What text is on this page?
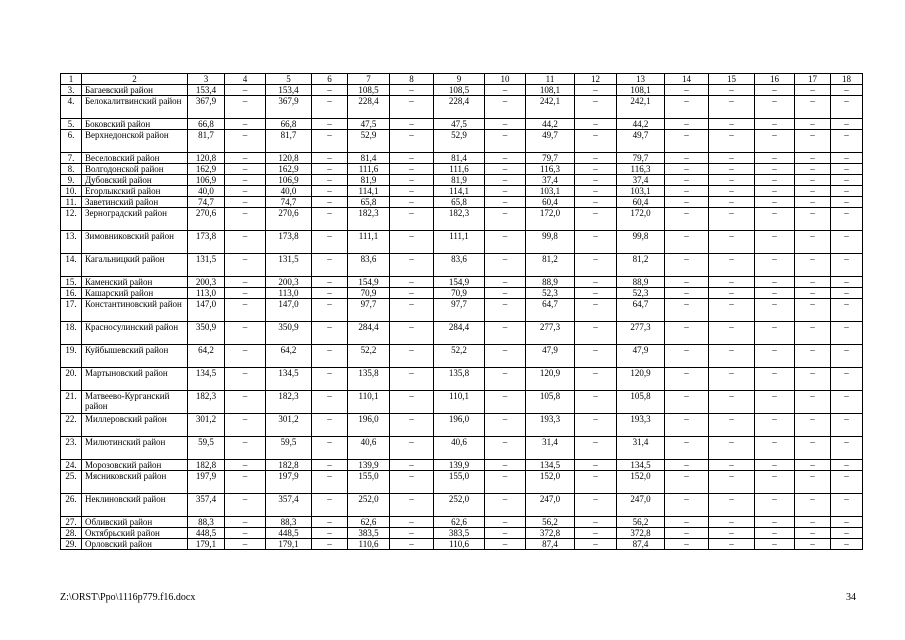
1	2	3	4	5	6	7	8	9	10	11	12	13	14	15	16	17	18
3.	Багаевский район	153,4	–	153,4	–	108,5	–	108,5	–	108,1	–	108,1	–	–	–	–	–
4.	Белокалитвинский район	367,9	–	367,9	–	228,4	–	228,4	–	242,1	–	242,1	–	–	–	–	–
5.	Боковский район	66,8	–	66,8	–	47,5	–	47,5	–	44,2	–	44,2	–	–	–	–	–
6.	Верхнедонской район	81,7	–	81,7	–	52,9	–	52,9	–	49,7	–	49,7	–	–	–	–	–
7.	Веселовский район	120,8	–	120,8	–	81,4	–	81,4	–	79,7	–	79,7	–	–	–	–	–
8.	Волгодонской район	162,9	–	162,9	–	111,6	–	111,6	–	116,3	–	116,3	–	–	–	–	–
9.	Дубовский район	106,9	–	106,9	–	81,9	–	81,9	–	37,4	–	37,4	–	–	–	–	–
10.	Егорлыкский район	40,0	–	40,0	–	114,1	–	114,1	–	103,1	–	103,1	–	–	–	–	–
11.	Заветинский район	74,7	–	74,7	–	65,8	–	65,8	–	60,4	–	60,4	–	–	–	–	–
12.	Зерноградский район	270,6	–	270,6	–	182,3	–	182,3	–	172,0	–	172,0	–	–	–	–	–
13.	Зимовниковский район	173,8	–	173,8	–	111,1	–	111,1	–	99,8	–	99,8	–	–	–	–	–
14.	Кагальницкий район	131,5	–	131,5	–	83,6	–	83,6	–	81,2	–	81,2	–	–	–	–	–
15.	Каменский район	200,3	–	200,3	–	154,9	–	154,9	–	88,9	–	88,9	–	–	–	–	–
16.	Кашарский район	113,0	–	113,0	–	70,9	–	70,9	–	52,3	–	52,3	–	–	–	–	–
17.	Константиновский район	147,0	–	147,0	–	97,7	–	97,7	–	64,7	–	64,7	–	–	–	–	–
18.	Красносулинский район	350,9	–	350,9	–	284,4	–	284,4	–	277,3	–	277,3	–	–	–	–	–
19.	Куйбышевский район	64,2	–	64,2	–	52,2	–	52,2	–	47,9	–	47,9	–	–	–	–	–
20.	Мартыновский район	134,5	–	134,5	–	135,8	–	135,8	–	120,9	–	120,9	–	–	–	–	–
21.	Матвеево-Курганский район	182,3	–	182,3	–	110,1	–	110,1	–	105,8	–	105,8	–	–	–	–	–
22.	Миллеровский район	301,2	–	301,2	–	196,0	–	196,0	–	193,3	–	193,3	–	–	–	–	–
23.	Милютинский район	59,5	–	59,5	–	40,6	–	40,6	–	31,4	–	31,4	–	–	–	–	–
24.	Морозовский район	182,8	–	182,8	–	139,9	–	139,9	–	134,5	–	134,5	–	–	–	–	–
25.	Мясниковский район	197,9	–	197,9	–	155,0	–	155,0	–	152,0	–	152,0	–	–	–	–	–
26.	Неклиновский район	357,4	–	357,4	–	252,0	–	252,0	–	247,0	–	247,0	–	–	–	–	–
27.	Обливский район	88,3	–	88,3	–	62,6	–	62,6	–	56,2	–	56,2	–	–	–	–	–
28.	Октябрьский район	448,5	–	448,5	–	383,5	–	383,5	–	372,8	–	372,8	–	–	–	–	–
29.	Орловский район	179,1	–	179,1	–	110,6	–	110,6	–	87,4	–	87,4	–	–	–	–	–
Z:\ORST\Ppo\1116p779.f16.docx	34
